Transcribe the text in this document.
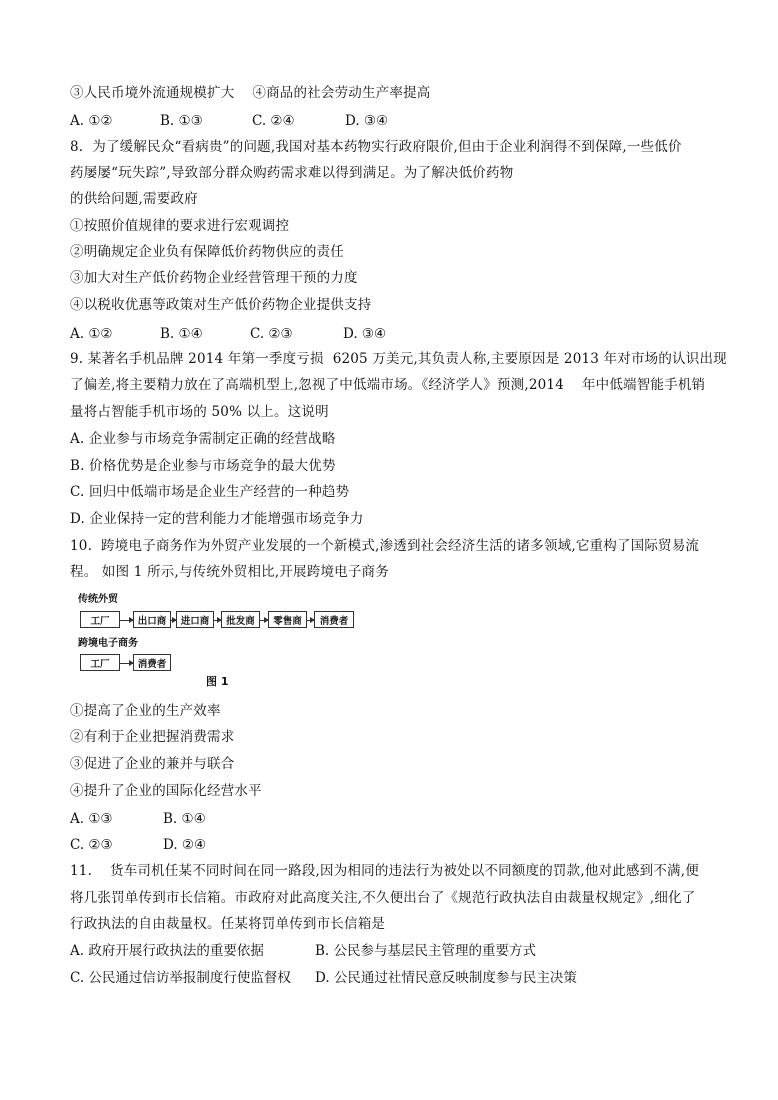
③人民币境外流通规模扩大    ④商品的社会劳动生产率提高
A. ①②	B. ①③	C. ②④	D. ③④
8.  为了缓解民众“看病贵”的问题,我国对基本药物实行政府限价,但由于企业利润得不到保障,一些低价
药屡屡“玩失踪”,导致部分群众购药需求难以得到满足。为了解决低价药物
的供给问题,需要政府
①按照价值规律的要求进行宏观调控
②明确规定企业负有保障低价药物供应的责任
③加大对生产低价药物企业经营管理干预的力度
④以税收优惠等政策对生产低价药物企业提供支持
A. ①②	B. ①④	C. ②③	D. ③④
9. 某著名手机品牌 2014 年第一季度亏损  6205 万美元,其负责人称,主要原因是 2013 年对市场的认识出现
了偏差,将主要精力放在了高端机型上,忽视了中低端市场。《经济学人》预测,2014    年中低端智能手机销
量将占智能手机市场的 50% 以上。这说明
A. 企业参与市场竞争需制定正确的经营战略
B. 价格优势是企业参与市场竞争的最大优势
C. 回归中低端市场是企业生产经营的一种趋势
D. 企业保持一定的营利能力才能增强市场竞争力
10.  跨境电子商务作为外贸产业发展的一个新模式,渗透到社会经济生活的诸多领域,它重构了国际贸易流
程。 如图 1 所示,与传统外贸相比,开展跨境电子商务
传统外贸
工厂	出口商	进口商	批发商	零售商	消费者
跨境电子商务
工厂	消费者
图 1
①提高了企业的生产效率
②有利于企业把握消费需求
③促进了企业的兼并与联合
④提升了企业的国际化经营水平
A. ①③	B. ①④
C. ②③	D. ②④
11.    货车司机任某不同时间在同一路段,因为相同的违法行为被处以不同额度的罚款,他对此感到不满,便
将几张罚单传到市长信箱。市政府对此高度关注,不久便出台了《规范行政执法自由裁量权规定》,细化了
行政执法的自由裁量权。任某将罚单传到市长信箱是
A. 政府开展行政执法的重要依据	B. 公民参与基层民主管理的重要方式
C. 公民通过信访举报制度行使监督权 D. 公民通过社情民意反映制度参与民主决策
